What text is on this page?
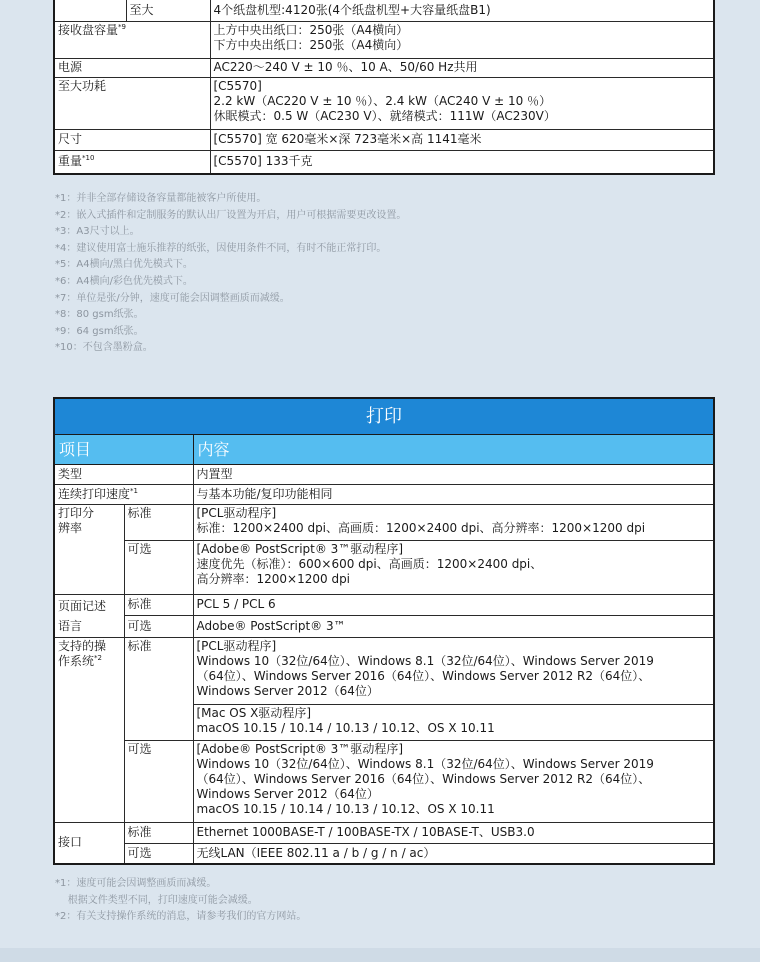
	至大	4个纸盘机型:4120张(4个纸盘机型+大容量纸盘B1)
接收盘容量$^{*9}$		上方中央出纸口：250张（A4横向）
下方中央出纸口：250张（A4横向）
电源		AC220～240 V ± 10 ％、10 A、50/60 Hz共用
至大功耗		[C5570]
2.2 kW（AC220 V ± 10 ％）、2.4 kW（AC240 V ± 10 ％）
休眠模式：0.5 W（AC230 V）、就绪模式：111W（AC230V）
尺寸		[C5570] 宽 620毫米×深 723毫米×高 1141毫米
重量$^{*10}$		[C5570] 133千克
*1：并非全部存储设备容量都能被客户所使用。
*2：嵌入式插件和定制服务的默认出厂设置为开启，用户可根据需要更改设置。
*3：A3尺寸以上。
*4：建议使用富士施乐推荐的纸张，因使用条件不同，有时不能正常打印。
*5：A4横向/黑白优先模式下。
*6：A4横向/彩色优先模式下。
*7：单位是张/分钟，速度可能会因调整画质而减缓。
*8：80 gsm纸张。
*9：64 gsm纸张。
*10：不包含墨粉盒。
打印		
项目		内容
类型		内置型
连续打印速度$^{*1}$		与基本功能/复印功能相同
打印分
辨率	标准	[PCL驱动程序]
标准：1200×2400 dpi、高画质：1200×2400 dpi、高分辨率：1200×1200 dpi
	可选	[Adobe® PostScript® 3™驱动程序]
速度优先（标准）：600×600 dpi、高画质：1200×2400 dpi、
高分辨率：1200×1200 dpi
页面记述
语言	标准	PCL 5 / PCL 6
	可选	Adobe® PostScript® 3™
支持的操
作系统$^{*2}$	标准	[PCL驱动程序]
Windows 10（32位/64位）、Windows 8.1（32位/64位）、Windows Server 2019
（64位）、Windows Server 2016（64位）、Windows Server 2012 R2（64位）、
Windows Server 2012（64位）
		[Mac OS X驱动程序]
macOS 10.15 / 10.14 / 10.13 / 10.12、OS X 10.11
	可选	[Adobe® PostScript® 3™驱动程序]
Windows 10（32位/64位）、Windows 8.1（32位/64位）、Windows Server 2019
（64位）、Windows Server 2016（64位）、Windows Server 2012 R2（64位）、
Windows Server 2012（64位）
macOS 10.15 / 10.14 / 10.13 / 10.12、OS X 10.11
接口	标准	Ethernet 1000BASE-T / 100BASE-TX / 10BASE-T、USB3.0
	可选	无线LAN（IEEE 802.11 a / b / g / n / ac）
*1：速度可能会因调整画质而减缓。
根据文件类型不同，打印速度可能会减缓。
*2：有关支持操作系统的消息，请参考我们的官方网站。
